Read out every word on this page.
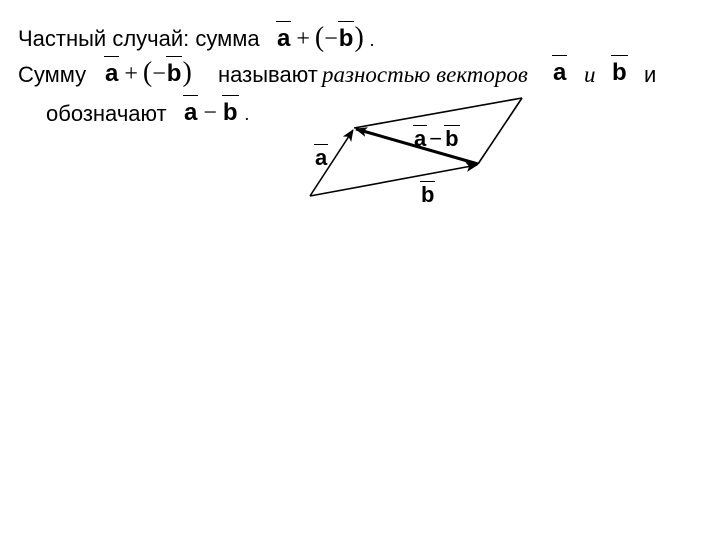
Частный случай: сумма a + (−b) .
Сумму a + (−b) называют разностью векторов a и b и
обозначают a − b .
a
a − b
b
